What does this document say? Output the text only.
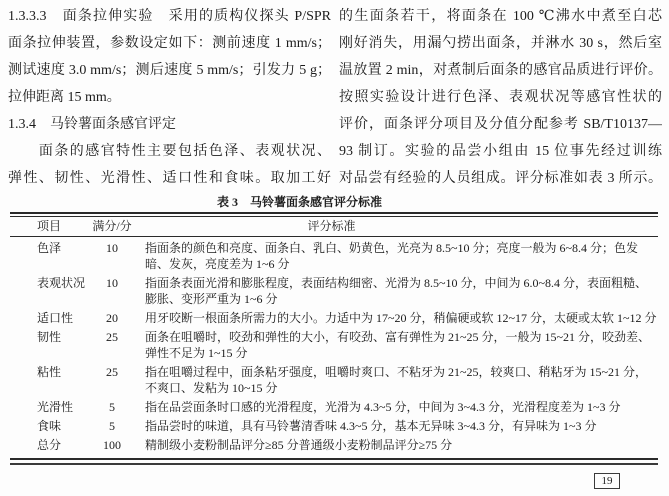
1.3.3.3　面条拉伸实验　采用的质构仪探头 P/SPR
面条拉伸装置，参数设定如下：测前速度 1 mm/s；
测试速度 3.0 mm/s；测后速度 5 mm/s；引发力 5 g；
拉伸距离 15 mm。
1.3.4　马铃薯面条感官评定
　　面条的感官特性主要包括色泽、表观状况、
弹性、韧性、光滑性、适口性和食味。取加工好
的生面条若干，将面条在 100 ℃沸水中煮至白芯
刚好消失，用漏勺捞出面条，并淋水 30 s，然后室
温放置 2 min，对煮制后面条的感官品质进行评价。
按照实验设计进行色泽、表观状况等感官性状的
评价，面条评分项目及分值分配参考 SB/T10137—
93 制订。实验的品尝小组由 15 位事先经过训练
对品尝有经验的人员组成。评分标准如表 3 所示。
表 3　马铃薯面条感官评分标准
项目	满分/分	评分标准
色泽	10	指面条的颜色和亮度、面条白、乳白、奶黄色，光亮为 8.5~10 分；亮度一般为 6~8.4 分；色发暗、发灰，亮度差为 1~6 分
表观状况	10	指面条表面光滑和膨胀程度，表面结构细密、光滑为 8.5~10 分，中间为 6.0~8.4 分，表面粗糙、膨胀、变形严重为 1~6 分
适口性	20	用牙咬断一根面条所需力的大小。力适中为 17~20 分，稍偏硬或软 12~17 分，太硬或太软 1~12 分
韧性	25	面条在咀嚼时，咬劲和弹性的大小，有咬劲、富有弹性为 21~25 分，一般为 15~21 分，咬劲差、弹性不足为 1~15 分
粘性	25	指在咀嚼过程中，面条粘牙强度，咀嚼时爽口、不粘牙为 21~25，较爽口、稍粘牙为 15~21 分，不爽口、发粘为 10~15 分
光滑性	5	指在品尝面条时口感的光滑程度，光滑为 4.3~5 分，中间为 3~4.3 分，光滑程度差为 1~3 分
食味	5	指品尝时的味道，具有马铃薯清香味 4.3~5 分，基本无异味 3~4.3 分，有异味为 1~3 分
总分	100	精制级小麦粉制品评分≥85 分普通级小麦粉制品评分≥75 分
19
